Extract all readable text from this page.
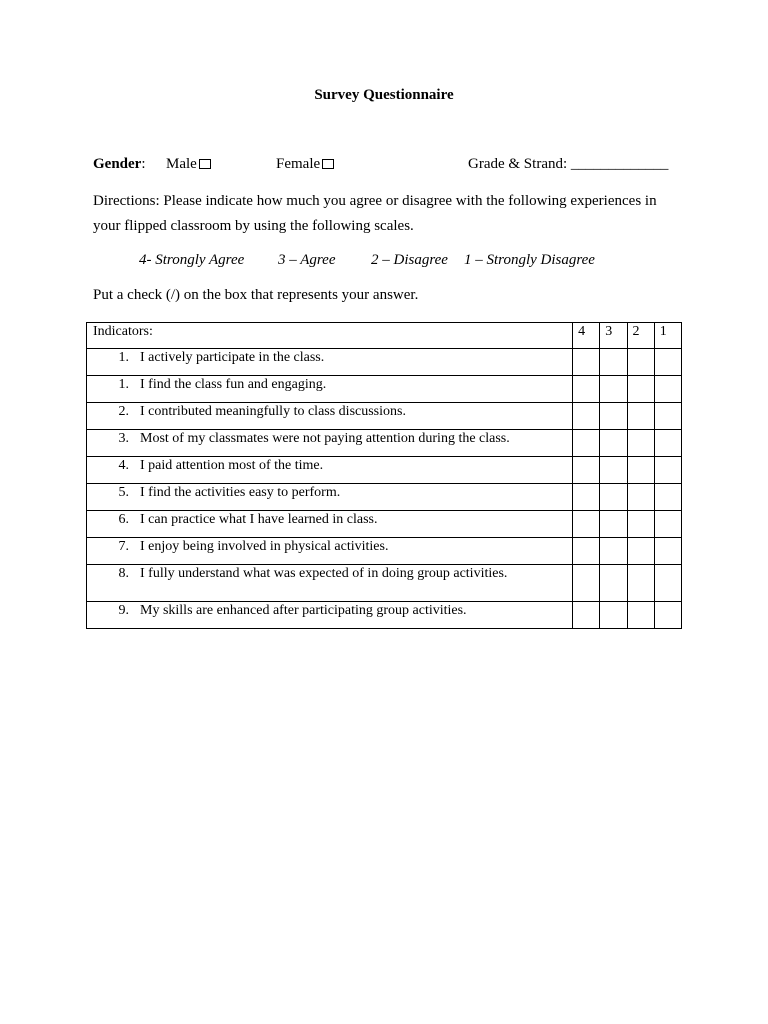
Survey Questionnaire
Gender: Male	Female	Grade & Strand: _____________
Directions: Please indicate how much you agree or disagree with the following experiences in your flipped classroom by using the following scales.
4- Strongly Agree 3 – Agree 2 – Disagree 1 – Strongly Disagree
Put a check (/) on the box that represents your answer.
Indicators:	4	3	2	1

1. I actively participate in the class.				

1. I find the class fun and engaging.				

2. I contributed meaningfully to class discussions.				

3. Most of my classmates were not paying attention during the class.				

4. I paid attention most of the time.				

5. I find the activities easy to perform.				

6. I can practice what I have learned in class.				

7. I enjoy being involved in physical activities.				

8. I fully understand what was expected of in doing group activities.				

9. My skills are enhanced after participating group activities.				
